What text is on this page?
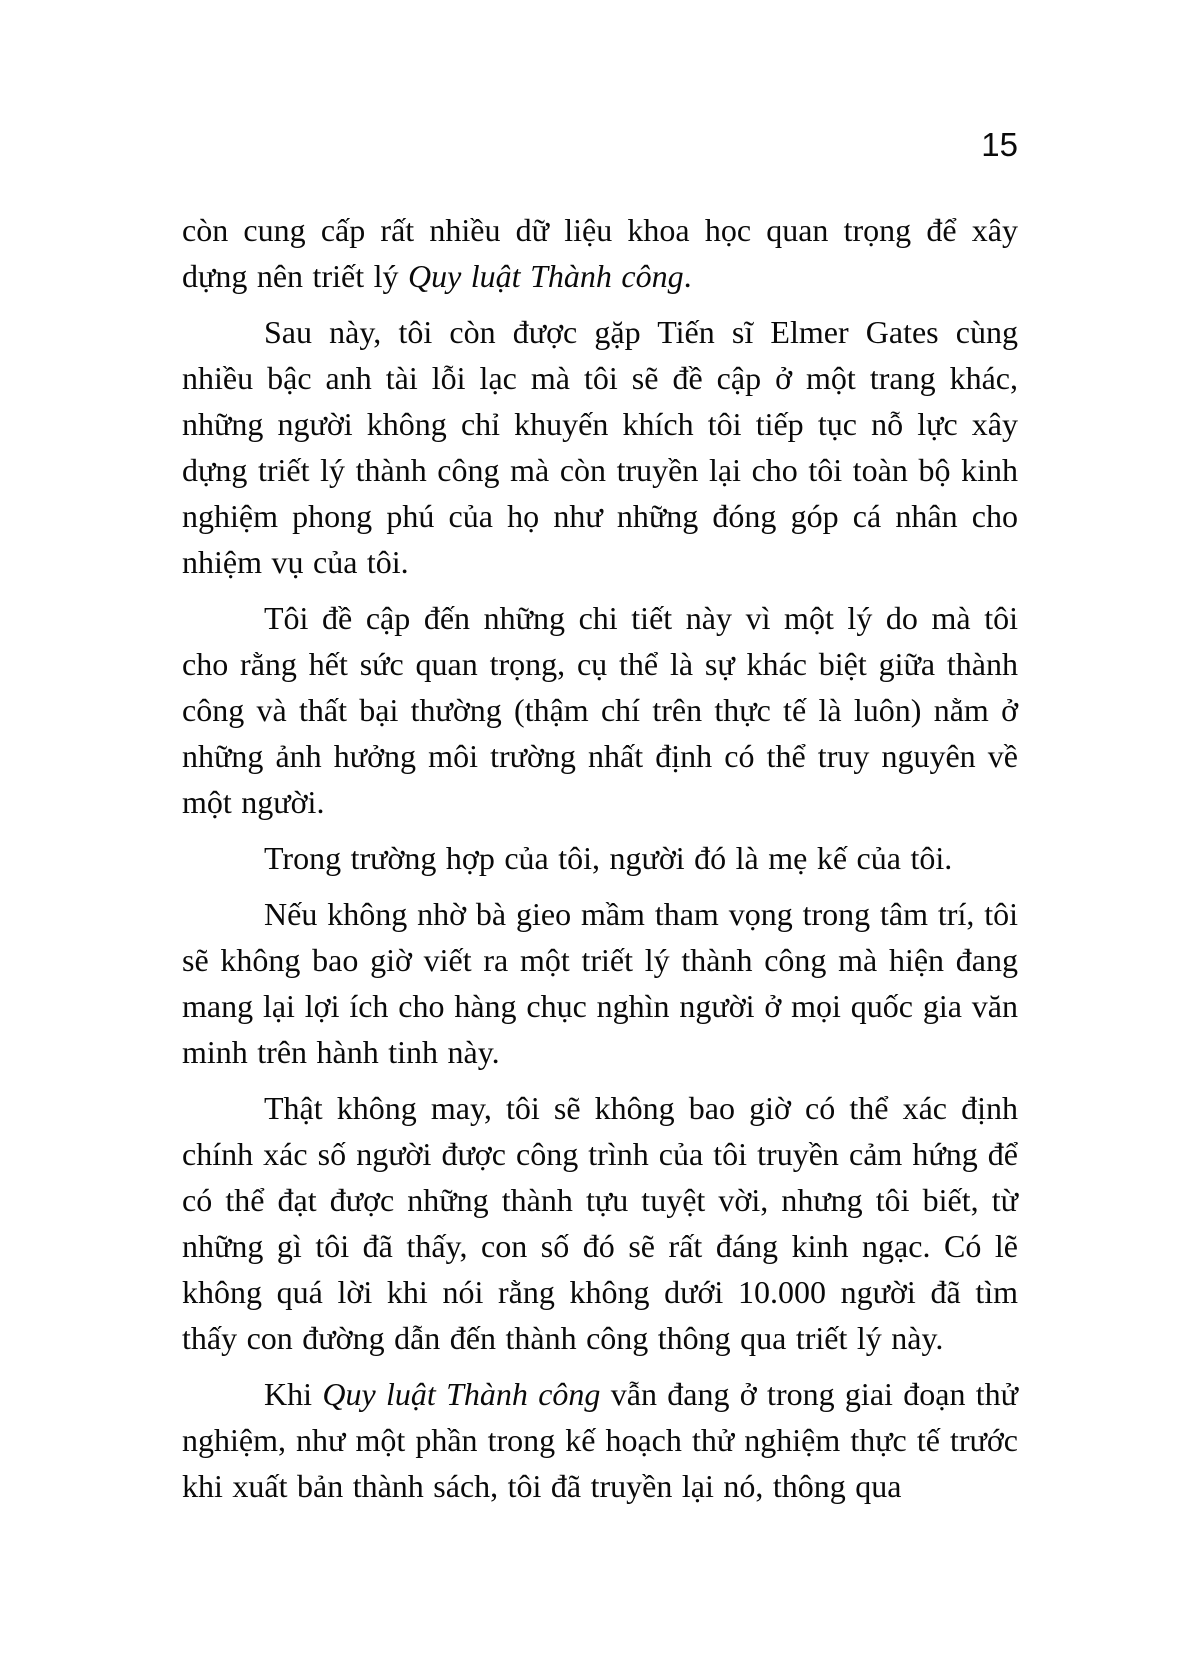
15

còn cung cấp rất nhiều dữ liệu khoa học quan trọng để xây dựng nên triết lý Quy luật Thành công.

Sau này, tôi còn được gặp Tiến sĩ Elmer Gates cùng nhiều bậc anh tài lỗi lạc mà tôi sẽ đề cập ở một trang khác, những người không chỉ khuyến khích tôi tiếp tục nỗ lực xây dựng triết lý thành công mà còn truyền lại cho tôi toàn bộ kinh nghiệm phong phú của họ như những đóng góp cá nhân cho nhiệm vụ của tôi.

Tôi đề cập đến những chi tiết này vì một lý do mà tôi cho rằng hết sức quan trọng, cụ thể là sự khác biệt giữa thành công và thất bại thường (thậm chí trên thực tế là luôn) nằm ở những ảnh hưởng môi trường nhất định có thể truy nguyên về một người.

Trong trường hợp của tôi, người đó là mẹ kế của tôi.

Nếu không nhờ bà gieo mầm tham vọng trong tâm trí, tôi sẽ không bao giờ viết ra một triết lý thành công mà hiện đang mang lại lợi ích cho hàng chục nghìn người ở mọi quốc gia văn minh trên hành tinh này.

Thật không may, tôi sẽ không bao giờ có thể xác định chính xác số người được công trình của tôi truyền cảm hứng để có thể đạt được những thành tựu tuyệt vời, nhưng tôi biết, từ những gì tôi đã thấy, con số đó sẽ rất đáng kinh ngạc. Có lẽ không quá lời khi nói rằng không dưới 10.000 người đã tìm thấy con đường dẫn đến thành công thông qua triết lý này.

Khi Quy luật Thành công vẫn đang ở trong giai đoạn thử nghiệm, như một phần trong kế hoạch thử nghiệm thực tế trước khi xuất bản thành sách, tôi đã truyền lại nó, thông qua
